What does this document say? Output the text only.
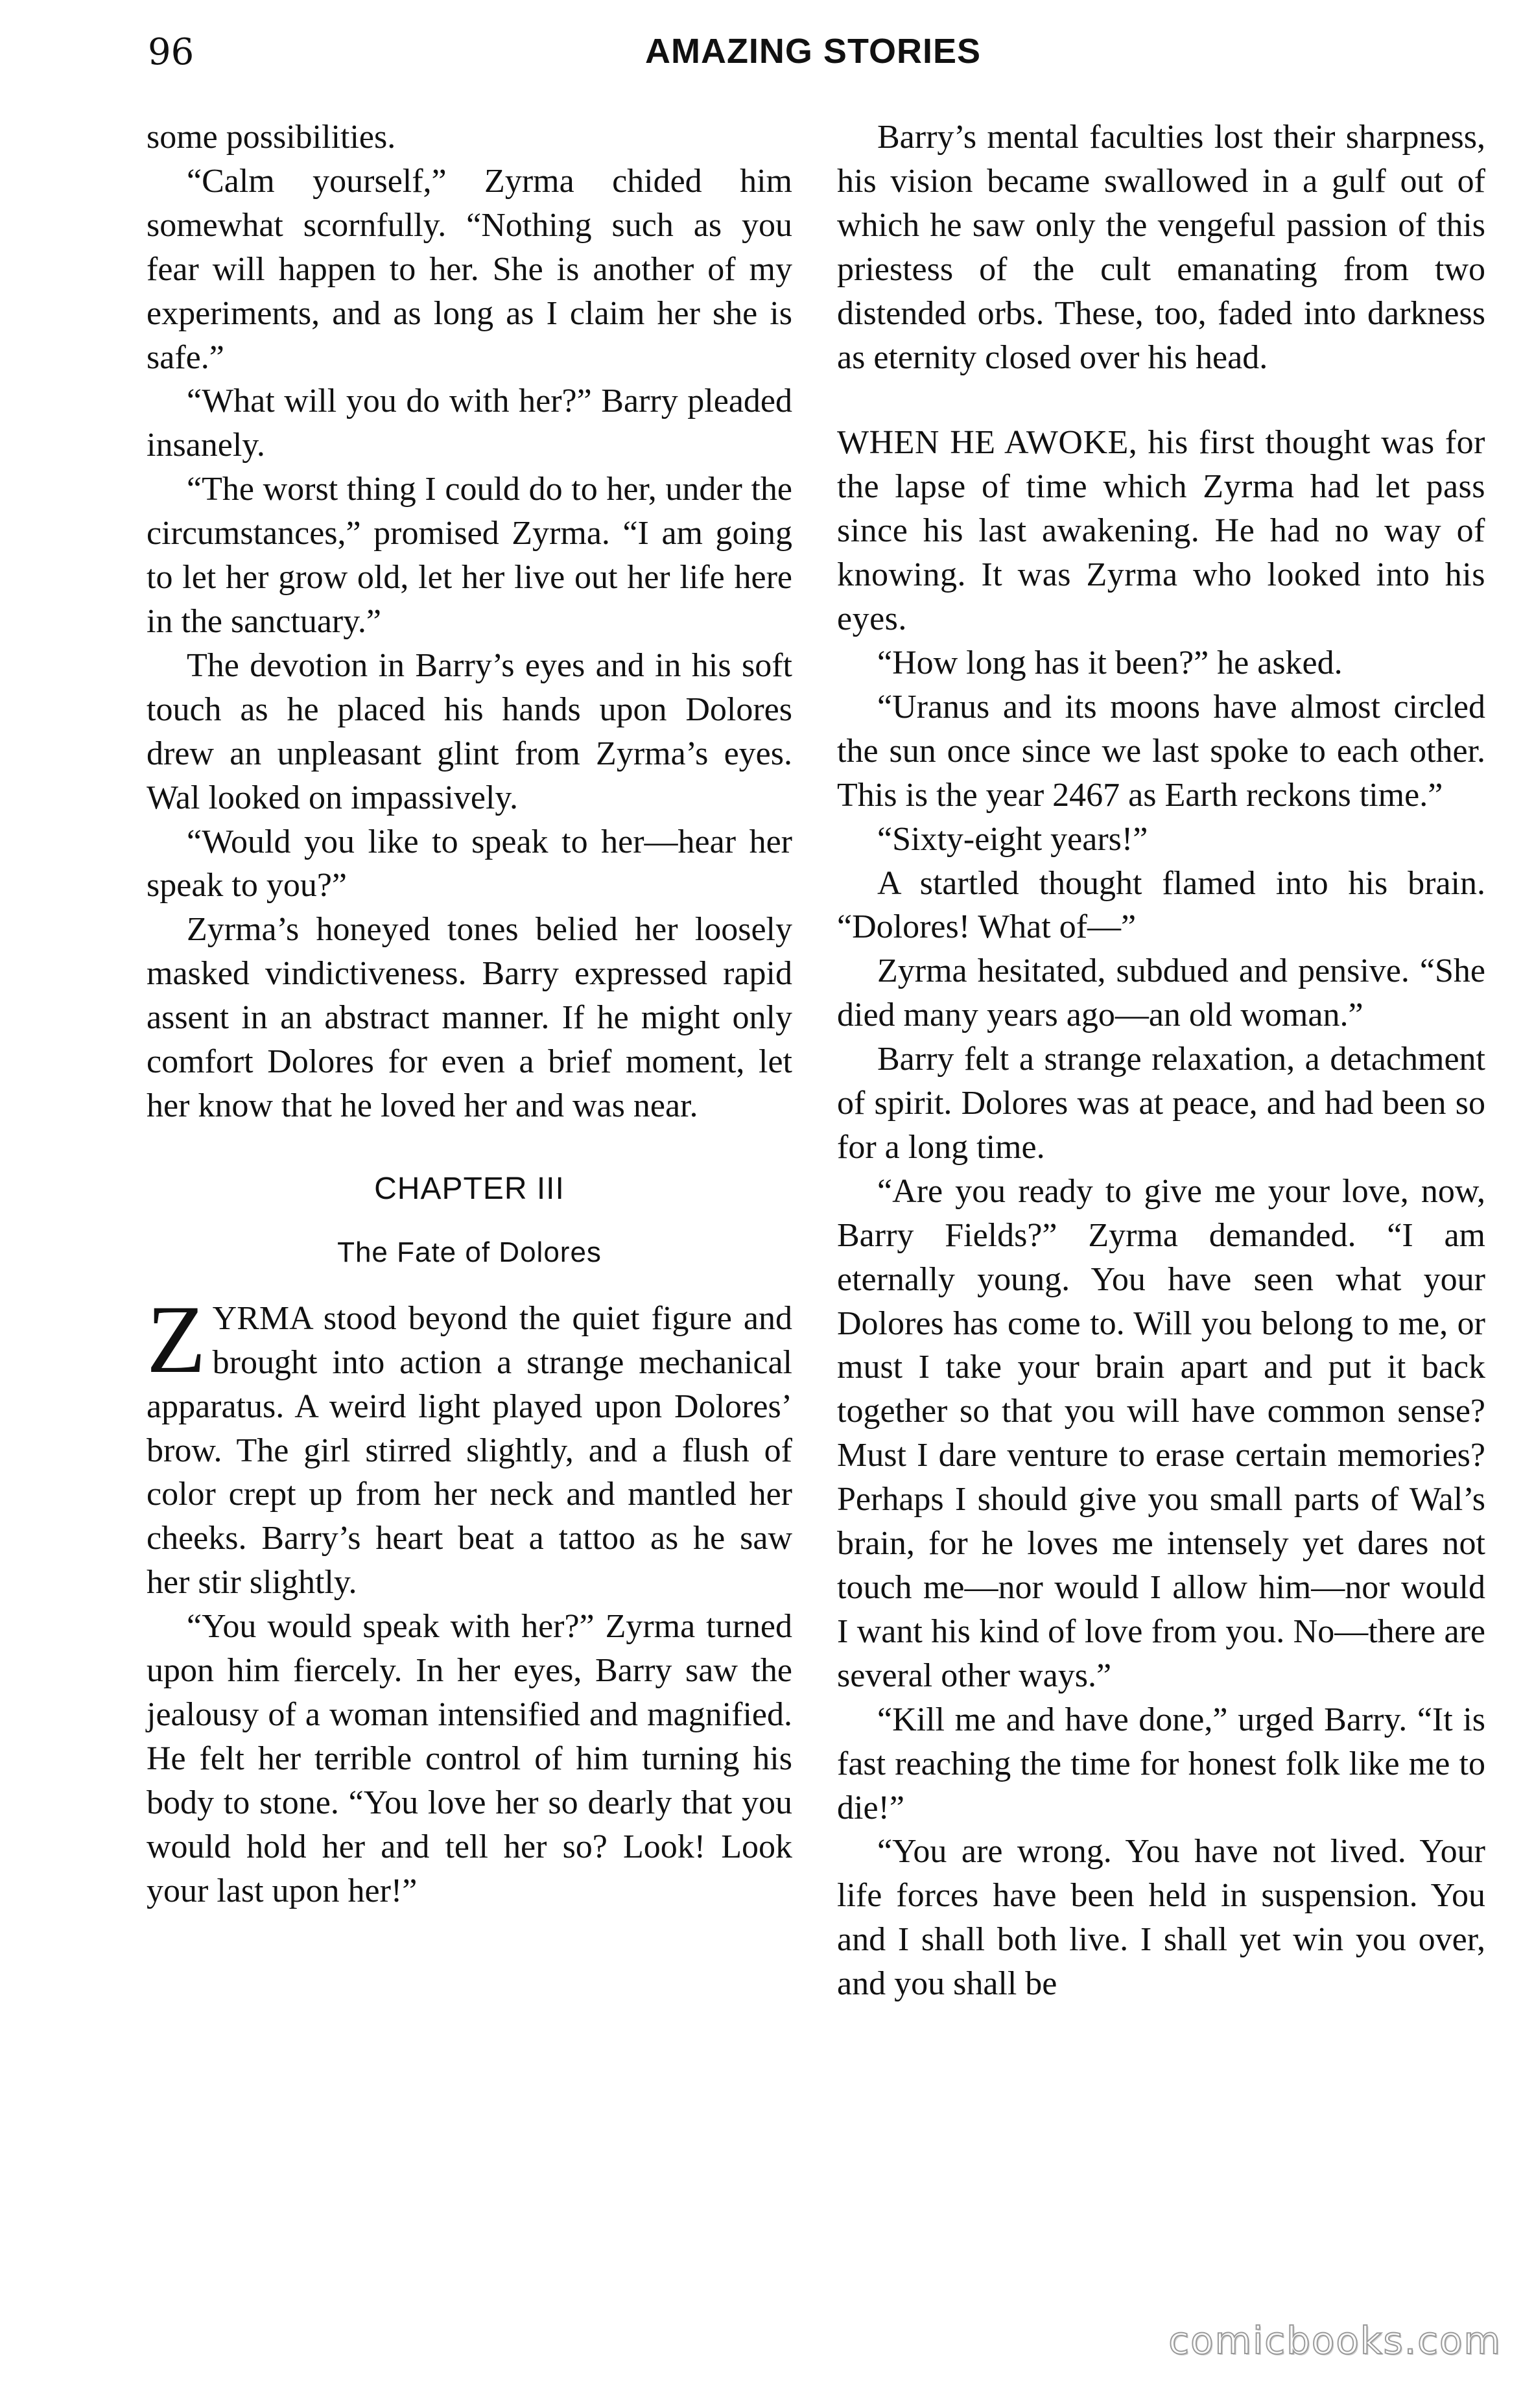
96	AMAZING STORIES

some possibilities.

“Calm yourself,” Zyrma chided him somewhat scornfully. “Nothing such as you fear will happen to her. She is another of my experiments, and as long as I claim her she is safe.”

“What will you do with her?” Barry pleaded insanely.

“The worst thing I could do to her, under the circumstances,” promised Zyrma. “I am going to let her grow old, let her live out her life here in the sanctuary.”

The devotion in Barry’s eyes and in his soft touch as he placed his hands upon Dolores drew an unpleasant glint from Zyrma’s eyes. Wal looked on impassively.

“Would you like to speak to her—hear her speak to you?”

Zyrma’s honeyed tones belied her loosely masked vindictiveness. Barry expressed rapid assent in an abstract manner. If he might only comfort Dolores for even a brief moment, let her know that he loved her and was near.

CHAPTER III
The Fate of Dolores

ZYRMA stood beyond the quiet figure and brought into action a strange mechanical apparatus. A weird light played upon Dolores’ brow. The girl stirred slightly, and a flush of color crept up from her neck and mantled her cheeks. Barry’s heart beat a tattoo as he saw her stir slightly.

“You would speak with her?” Zyrma turned upon him fiercely. In her eyes, Barry saw the jealousy of a woman intensified and magnified. He felt her terrible control of him turning his body to stone. “You love her so dearly that you would hold her and tell her so? Look! Look your last upon her!”

Barry’s mental faculties lost their sharpness, his vision became swallowed in a gulf out of which he saw only the vengeful passion of this priestess of the cult emanating from two distended orbs. These, too, faded into darkness as eternity closed over his head.

WHEN HE AWOKE, his first thought was for the lapse of time which Zyrma had let pass since his last awakening. He had no way of knowing. It was Zyrma who looked into his eyes.

“How long has it been?” he asked.

“Uranus and its moons have almost circled the sun once since we last spoke to each other. This is the year 2467 as Earth reckons time.”

“Sixty-eight years!”

A startled thought flamed into his brain. “Dolores! What of—”

Zyrma hesitated, subdued and pensive. “She died many years ago—an old woman.”

Barry felt a strange relaxation, a detachment of spirit. Dolores was at peace, and had been so for a long time.

“Are you ready to give me your love, now, Barry Fields?” Zyrma demanded. “I am eternally young. You have seen what your Dolores has come to. Will you belong to me, or must I take your brain apart and put it back together so that you will have common sense? Must I dare venture to erase certain memories? Perhaps I should give you small parts of Wal’s brain, for he loves me intensely yet dares not touch me—nor would I allow him—nor would I want his kind of love from you. No—there are several other ways.”

“Kill me and have done,” urged Barry. “It is fast reaching the time for honest folk like me to die!”

“You are wrong. You have not lived. Your life forces have been held in suspension. You and I shall both live. I shall yet win you over, and you shall be

comicbooks.com
